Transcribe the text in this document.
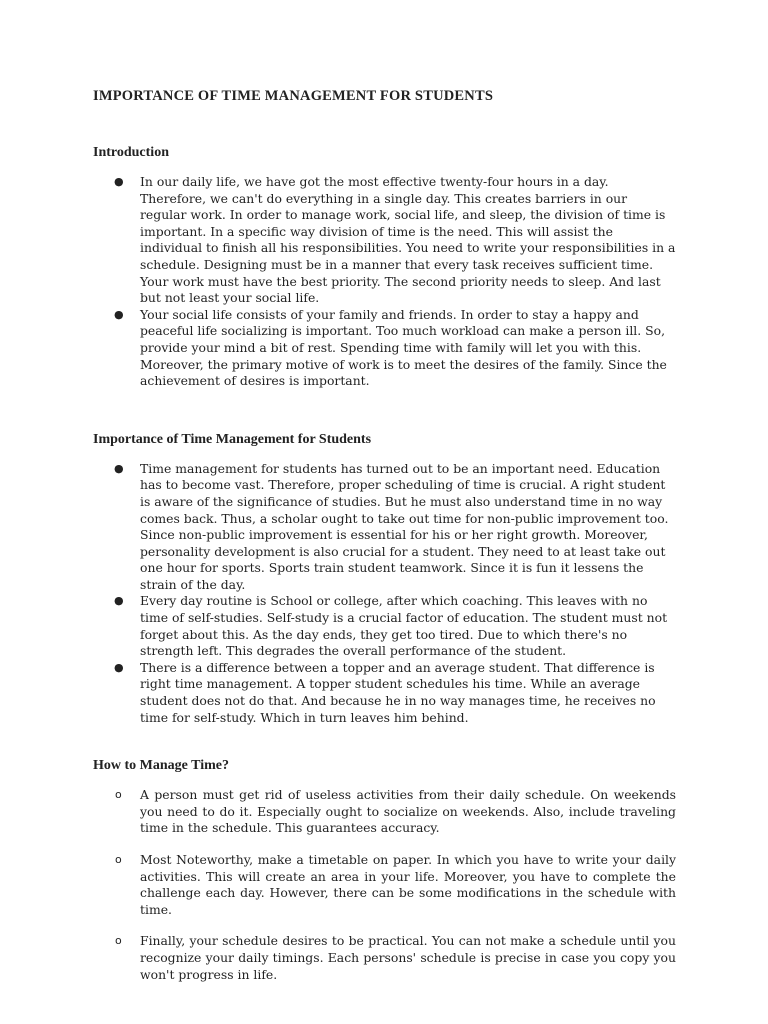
IMPORTANCE OF TIME MANAGEMENT FOR STUDENTS
Introduction
● In our daily life, we have got the most effective twenty-four hours in a day. Therefore, we can't do everything in a single day. This creates barriers in our regular work. In order to manage work, social life, and sleep, the division of time is important. In a specific way division of time is the need. This will assist the individual to finish all his responsibilities. You need to write your responsibilities in a schedule. Designing must be in a manner that every task receives sufficient time. Your work must have the best priority. The second priority needs to sleep. And last but not least your social life.
● Your social life consists of your family and friends. In order to stay a happy and peaceful life socializing is important. Too much workload can make a person ill. So, provide your mind a bit of rest. Spending time with family will let you with this. Moreover, the primary motive of work is to meet the desires of the family. Since the achievement of desires is important.
Importance of Time Management for Students
● Time management for students has turned out to be an important need. Education has to become vast. Therefore, proper scheduling of time is crucial. A right student is aware of the significance of studies. But he must also understand time in no way comes back. Thus, a scholar ought to take out time for non-public improvement too. Since non-public improvement is essential for his or her right growth. Moreover, personality development is also crucial for a student. They need to at least take out one hour for sports. Sports train student teamwork. Since it is fun it lessens the strain of the day.
● Every day routine is School or college, after which coaching. This leaves with no time of self-studies. Self-study is a crucial factor of education. The student must not forget about this. As the day ends, they get too tired. Due to which there's no strength left. This degrades the overall performance of the student.
● There is a difference between a topper and an average student. That difference is right time management. A topper student schedules his time. While an average student does not do that. And because he in no way manages time, he receives no time for self-study. Which in turn leaves him behind.
How to Manage Time?
o A person must get rid of useless activities from their daily schedule. On weekends you need to do it. Especially ought to socialize on weekends. Also, include traveling time in the schedule. This guarantees accuracy.
o Most Noteworthy, make a timetable on paper. In which you have to write your daily activities. This will create an area in your life. Moreover, you have to complete the challenge each day. However, there can be some modifications in the schedule with time.
o Finally, your schedule desires to be practical. You can not make a schedule until you recognize your daily timings. Each persons' schedule is precise in case you copy you won't progress in life.
